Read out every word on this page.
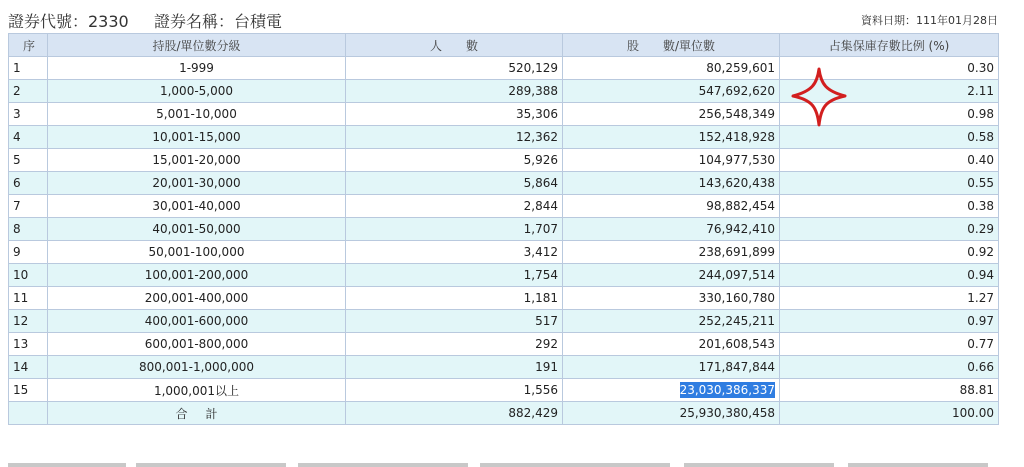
證券代號：2330 證券名稱：台積電	資料日期：111年01月28日
序	持股/單位數分級	人　　數	股　　數/單位數	占集保庫存數比例 (%)
1	1-999	520,129	80,259,601	0.30
2	1,000-5,000	289,388	547,692,620	2.11
3	5,001-10,000	35,306	256,548,349	0.98
4	10,001-15,000	12,362	152,418,928	0.58
5	15,001-20,000	5,926	104,977,530	0.40
6	20,001-30,000	5,864	143,620,438	0.55
7	30,001-40,000	2,844	98,882,454	0.38
8	40,001-50,000	1,707	76,942,410	0.29
9	50,001-100,000	3,412	238,691,899	0.92
10	100,001-200,000	1,754	244,097,514	0.94
11	200,001-400,000	1,181	330,160,780	1.27
12	400,001-600,000	517	252,245,211	0.97
13	600,001-800,000	292	201,608,543	0.77
14	800,001-1,000,000	191	171,847,844	0.66
15	1,000,001以上	1,556	23,030,386,337	88.81
	合 計	882,429	25,930,380,458	100.00
